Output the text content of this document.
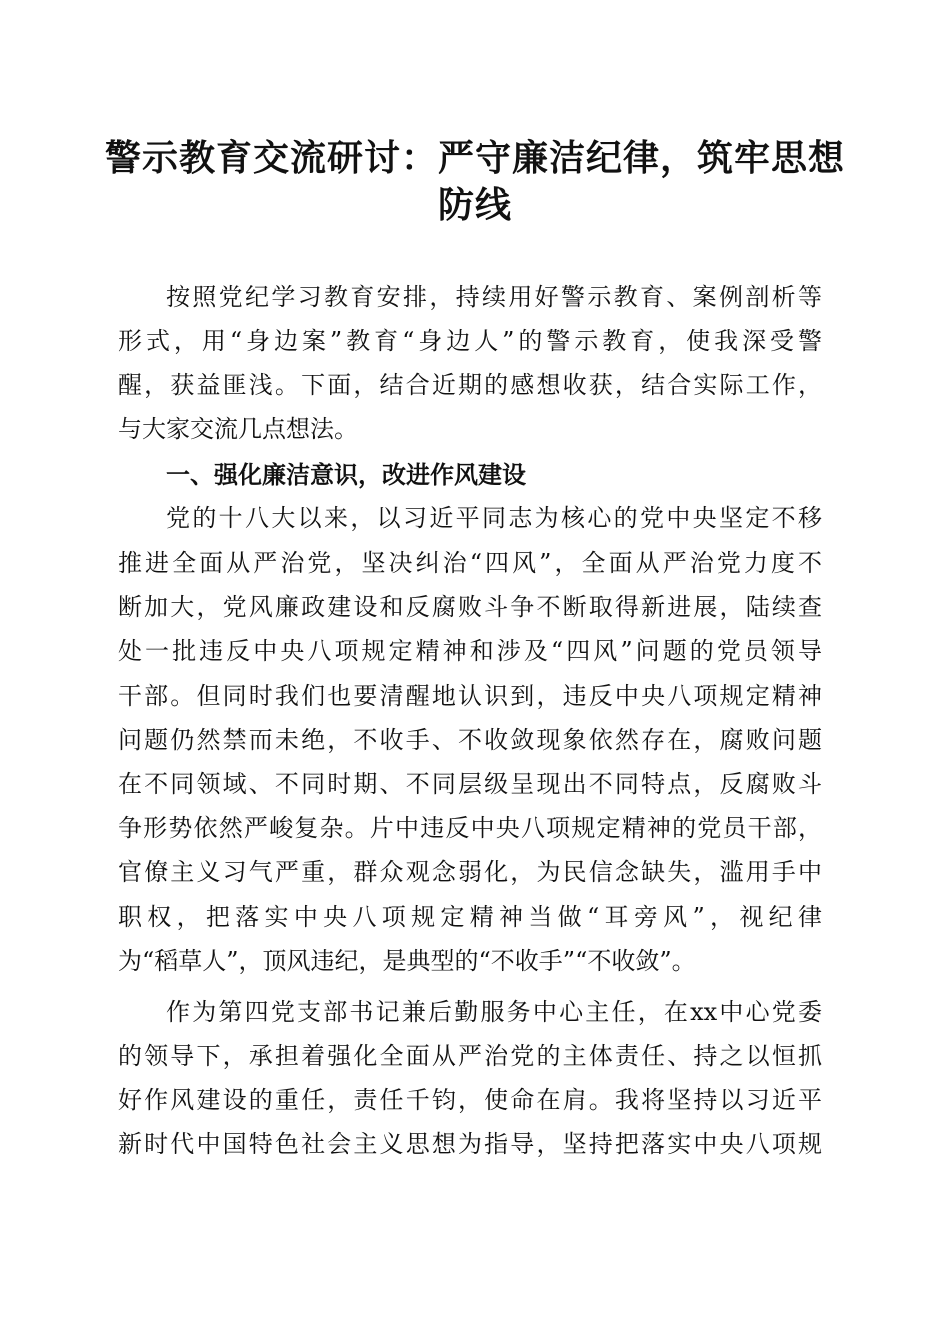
警示教育交流研讨：严守廉洁纪律，筑牢思想
防线
按照党纪学习教育安排，持续用好警示教育、案例剖析等
形式，用“身边案”教育“身边人”的警示教育，使我深受警
醒，获益匪浅。下面，结合近期的感想收获，结合实际工作，
与大家交流几点想法。
党的十八大以来，以习近平同志为核心的党中央坚定不移
推进全面从严治党，坚决纠治“四风”，全面从严治党力度不
断加大，党风廉政建设和反腐败斗争不断取得新进展，陆续查
处一批违反中央八项规定精神和涉及“四风”问题的党员领导
干部。但同时我们也要清醒地认识到，违反中央八项规定精神
问题仍然禁而未绝，不收手、不收敛现象依然存在，腐败问题
在不同领域、不同时期、不同层级呈现出不同特点，反腐败斗
争形势依然严峻复杂。片中违反中央八项规定精神的党员干部，
官僚主义习气严重，群众观念弱化，为民信念缺失，滥用手中
职权，把落实中央八项规定精神当做“耳旁风”，视纪律
为“稻草人”，顶风违纪，是典型的“不收手”“不收敛”。
作为第四党支部书记兼后勤服务中心主任，在xx中心党委
的领导下，承担着强化全面从严治党的主体责任、持之以恒抓
好作风建设的重任，责任千钧，使命在肩。我将坚持以习近平
新时代中国特色社会主义思想为指导，坚持把落实中央八项规
一、强化廉洁意识，改进作风建设
